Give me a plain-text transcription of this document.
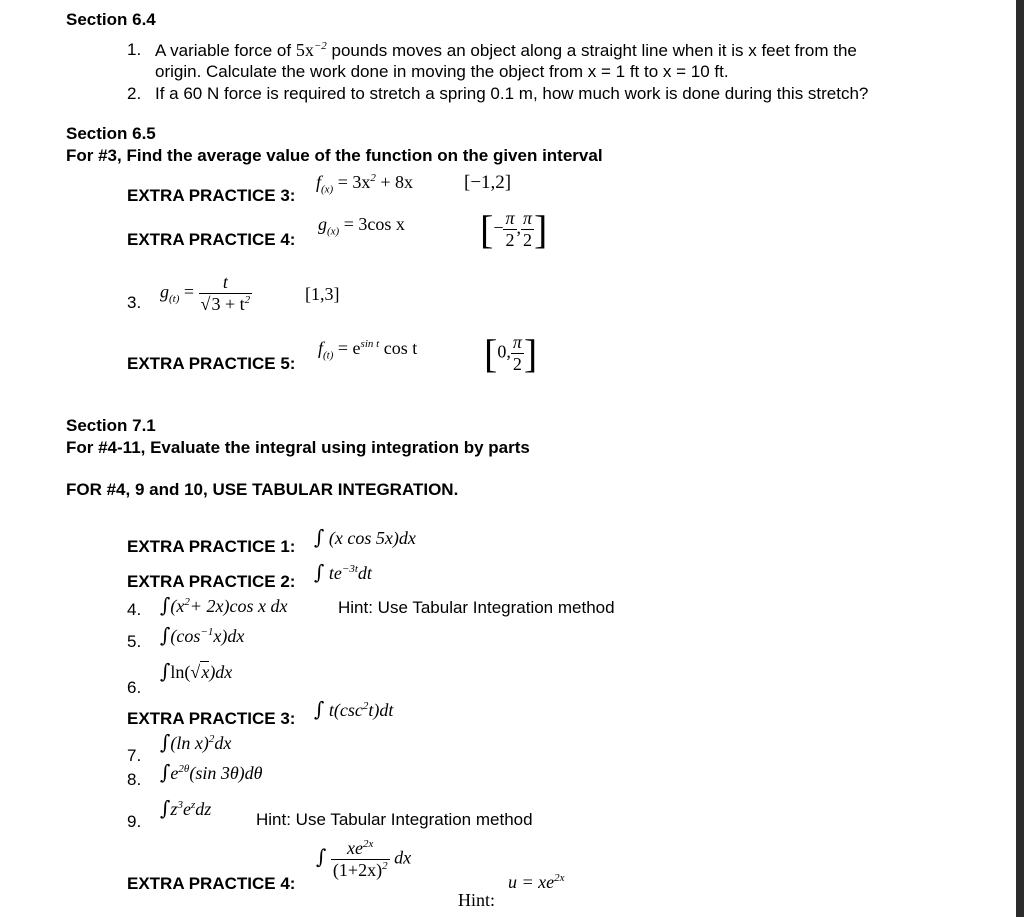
Section 6.4
1. A variable force of $5x^{-2}$ pounds moves an object along a straight line when it is x feet from the
origin. Calculate the work done in moving the object from x = 1 ft to x = 10 ft.
2. If a 60 N force is required to stretch a spring 0.1 m, how much work is done during this stretch?
Section 6.5
For #3, Find the average value of the function on the given interval
EXTRA PRACTICE 3:
$f_{(x)} = 3x^2 + 8x$	[−1,2]
EXTRA PRACTICE 4:
$g_{(x)} = 3\cos$ x [− $\frac{\pi}{2}$ , $\frac{\pi}{2}$ ]
3.
$g_{(t)} = \frac{t}{√3 + t^2}$	[1,3]
EXTRA PRACTICE 5:
$f_{(t)} = e^{sin t}$ cos t [0, $\frac{\pi}{2}$ ]
Section 7.1
For #4-11, Evaluate the integral using integration by parts
FOR #4, 9 and 10, USE TABULAR INTEGRATION.
EXTRA PRACTICE 1: ∫ (x cos 5x)dx
EXTRA PRACTICE 2: ∫ $te^{-3t}dt$
4. $\int(x^2+ 2x)\cos$ x dx	Hint: Use Tabular Integration method
5. $\int(\cos^{-1}x)dx$
6.
∫ln(√x)dx
EXTRA PRACTICE 3: ∫ $t(\csc^2t)dt$
7.
∫(ln x)$^2$dx
8. $\int e^{2\theta}(\sin$ 3θ)dθ
9.
$\int z^3e^zdz$
Hint: Use Tabular Integration method
EXTRA PRACTICE 4:
∫ $\frac{xe^{2x}}{(1+2x)^2}$ dx
Hint:
$u = xe^{2x}$
